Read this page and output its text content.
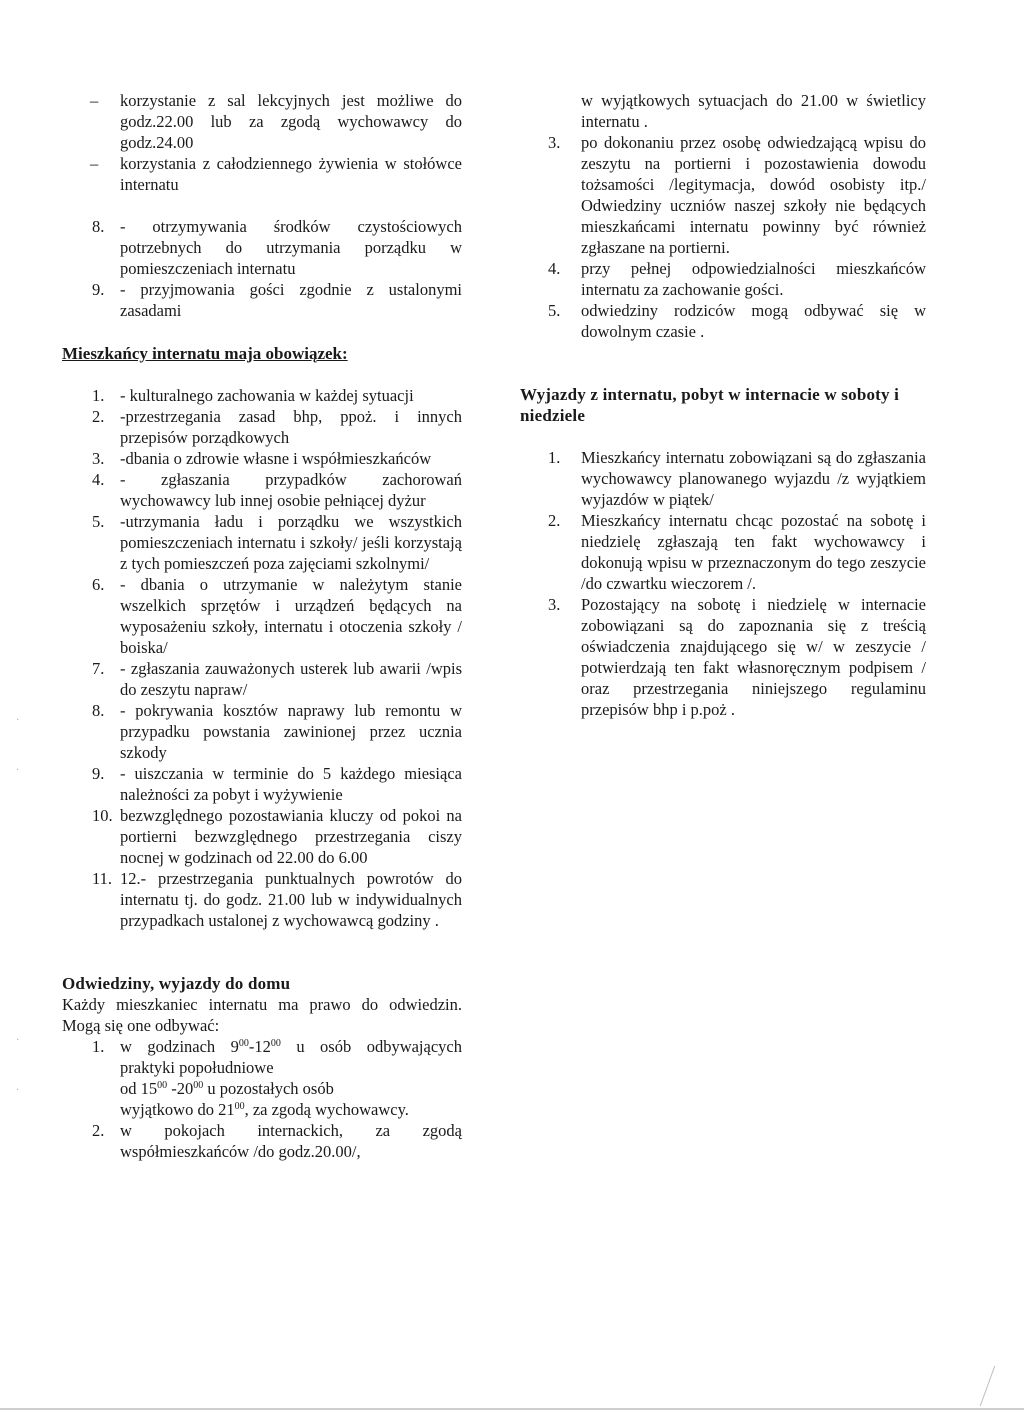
–	korzystanie z sal lekcyjnych jest możliwe do godz.22.00 lub za zgodą wychowawcy do godz.24.00
–	korzystania z całodziennego żywienia w stołówce internatu
8. - otrzymywania środków czystościowych potrzebnych do utrzymania porządku w pomieszczeniach internatu
9. - przyjmowania gości zgodnie z ustalonymi zasadami

Mieszkańcy internatu maja obowiązek:

1. - kulturalnego zachowania w każdej sytuacji
2. -przestrzegania zasad bhp, ppoż. i innych przepisów porządkowych
3. -dbania o zdrowie własne i współmieszkańców
4. - zgłaszania przypadków zachorowań wychowawcy lub innej osobie pełniącej dyżur
5. -utrzymania ładu i porządku we wszystkich pomieszczeniach internatu i szkoły/ jeśli korzystają z tych pomieszczeń poza zajęciami szkolnymi/
6. - dbania o utrzymanie w należytym stanie wszelkich sprzętów i urządzeń będących na wyposażeniu szkoły, internatu i otoczenia szkoły / boiska/
7. - zgłaszania zauważonych usterek lub awarii /wpis do zeszytu napraw/
8. - pokrywania kosztów naprawy lub remontu w przypadku powstania zawinionej przez ucznia szkody
9. - uiszczania w terminie do 5 każdego miesiąca należności za pobyt i wyżywienie
10. bezwzględnego pozostawiania kluczy od pokoi na portierni bezwzględnego przestrzegania ciszy nocnej w godzinach od 22.00 do 6.00
11. 12.- przestrzegania punktualnych powrotów do internatu tj. do godz. 21.00 lub w indywidualnych przypadkach ustalonej z wychowawcą godziny .

Odwiedziny, wyjazdy do domu

Każdy mieszkaniec internatu ma prawo do odwiedzin. Mogą się one odbywać:

1. w godzinach $9^{00}-12^{00}$ u osób odbywających praktyki popołudniowe
od $15^{00}$ $-20^{00}$ u pozostałych osób
wyjątkowo do $21^{00}$, za zgodą wychowawcy.
2. w pokojach internackich, za zgodą współmieszkańców /do godz.20.00/,

w wyjątkowych sytuacjach do 21.00 w świetlicy internatu .

3.	po dokonaniu przez osobę odwiedzającą wpisu do zeszytu na portierni i pozostawienia dowodu tożsamości /legitymacja, dowód osobisty itp./ Odwiedziny uczniów naszej szkoły nie będących mieszkańcami internatu powinny być również zgłaszane na portierni.
4.	przy pełnej odpowiedzialności mieszkańców internatu za zachowanie gości.
5.	odwiedziny rodziców mogą odbywać się w dowolnym czasie .

Wyjazdy z internatu, pobyt w internacie w soboty i niedziele

1.	Mieszkańcy internatu zobowiązani są do zgłaszania wychowawcy planowanego wyjazdu /z wyjątkiem wyjazdów w piątek/
2.	Mieszkańcy internatu chcąc pozostać na sobotę i niedzielę zgłaszają ten fakt wychowawcy i dokonują wpisu w przeznaczonym do tego zeszycie /do czwartku wieczorem /.
3.	Pozostający na sobotę i niedzielę w internacie zobowiązani są do zapoznania się z treścią oświadczenia znajdującego się w/ w zeszycie / potwierdzają ten fakt własnoręcznym podpisem / oraz przestrzegania niniejszego regulaminu przepisów bhp i p.poż .
·
·
·
·
